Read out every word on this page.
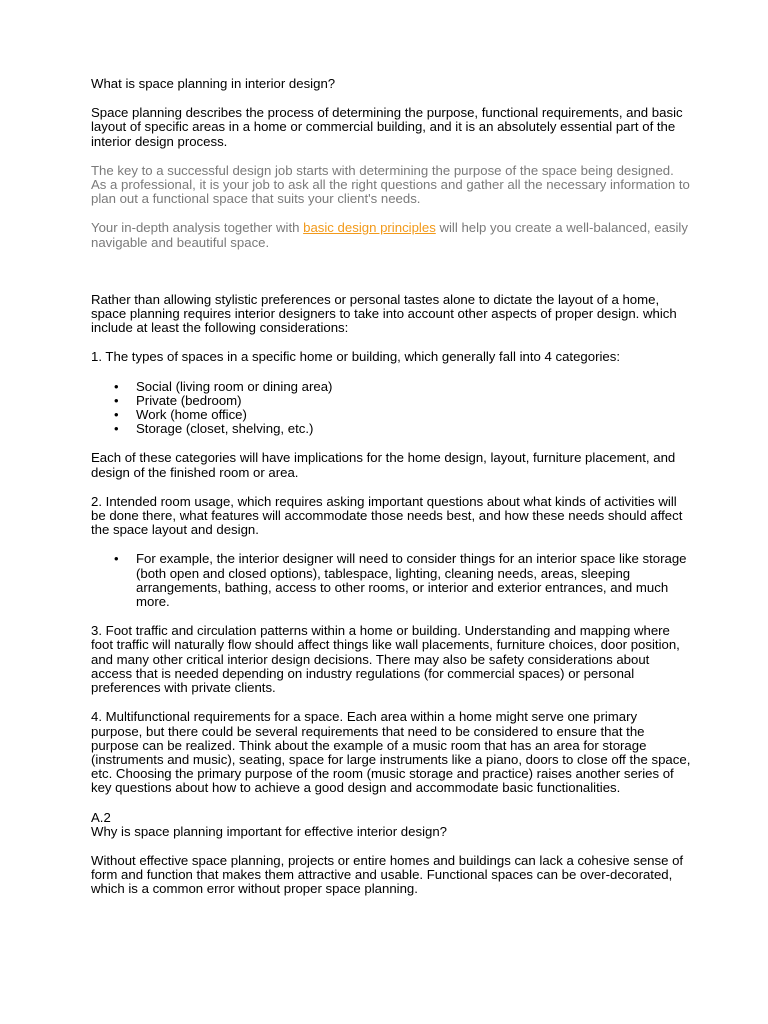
What is space planning in interior design?

Space planning describes the process of determining the purpose, functional requirements, and basic layout of specific areas in a home or commercial building, and it is an absolutely essential part of the interior design process.

The key to a successful design job starts with determining the purpose of the space being designed. As a professional, it is your job to ask all the right questions and gather all the necessary information to plan out a functional space that suits your client's needs.

Your in-depth analysis together with basic design principles will help you create a well-balanced, easily navigable and beautiful space.

Rather than allowing stylistic preferences or personal tastes alone to dictate the layout of a home, space planning requires interior designers to take into account other aspects of proper design. which include at least the following considerations:

1. The types of spaces in a specific home or building, which generally fall into 4 categories:

• Social (living room or dining area)
• Private (bedroom)
• Work (home office)
• Storage (closet, shelving, etc.)

Each of these categories will have implications for the home design, layout, furniture placement, and design of the finished room or area.

2. Intended room usage, which requires asking important questions about what kinds of activities will be done there, what features will accommodate those needs best, and how these needs should affect the space layout and design.

• For example, the interior designer will need to consider things for an interior space like storage (both open and closed options), tablespace, lighting, cleaning needs, areas, sleeping arrangements, bathing, access to other rooms, or interior and exterior entrances, and much more.

3. Foot traffic and circulation patterns within a home or building. Understanding and mapping where foot traffic will naturally flow should affect things like wall placements, furniture choices, door position, and many other critical interior design decisions. There may also be safety considerations about access that is needed depending on industry regulations (for commercial spaces) or personal preferences with private clients.

4. Multifunctional requirements for a space. Each area within a home might serve one primary purpose, but there could be several requirements that need to be considered to ensure that the purpose can be realized. Think about the example of a music room that has an area for storage (instruments and music), seating, space for large instruments like a piano, doors to close off the space, etc. Choosing the primary purpose of the room (music storage and practice) raises another series of key questions about how to achieve a good design and accommodate basic functionalities.

A.2

Why is space planning important for effective interior design?

Without effective space planning, projects or entire homes and buildings can lack a cohesive sense of form and function that makes them attractive and usable. Functional spaces can be over-decorated, which is a common error without proper space planning.
